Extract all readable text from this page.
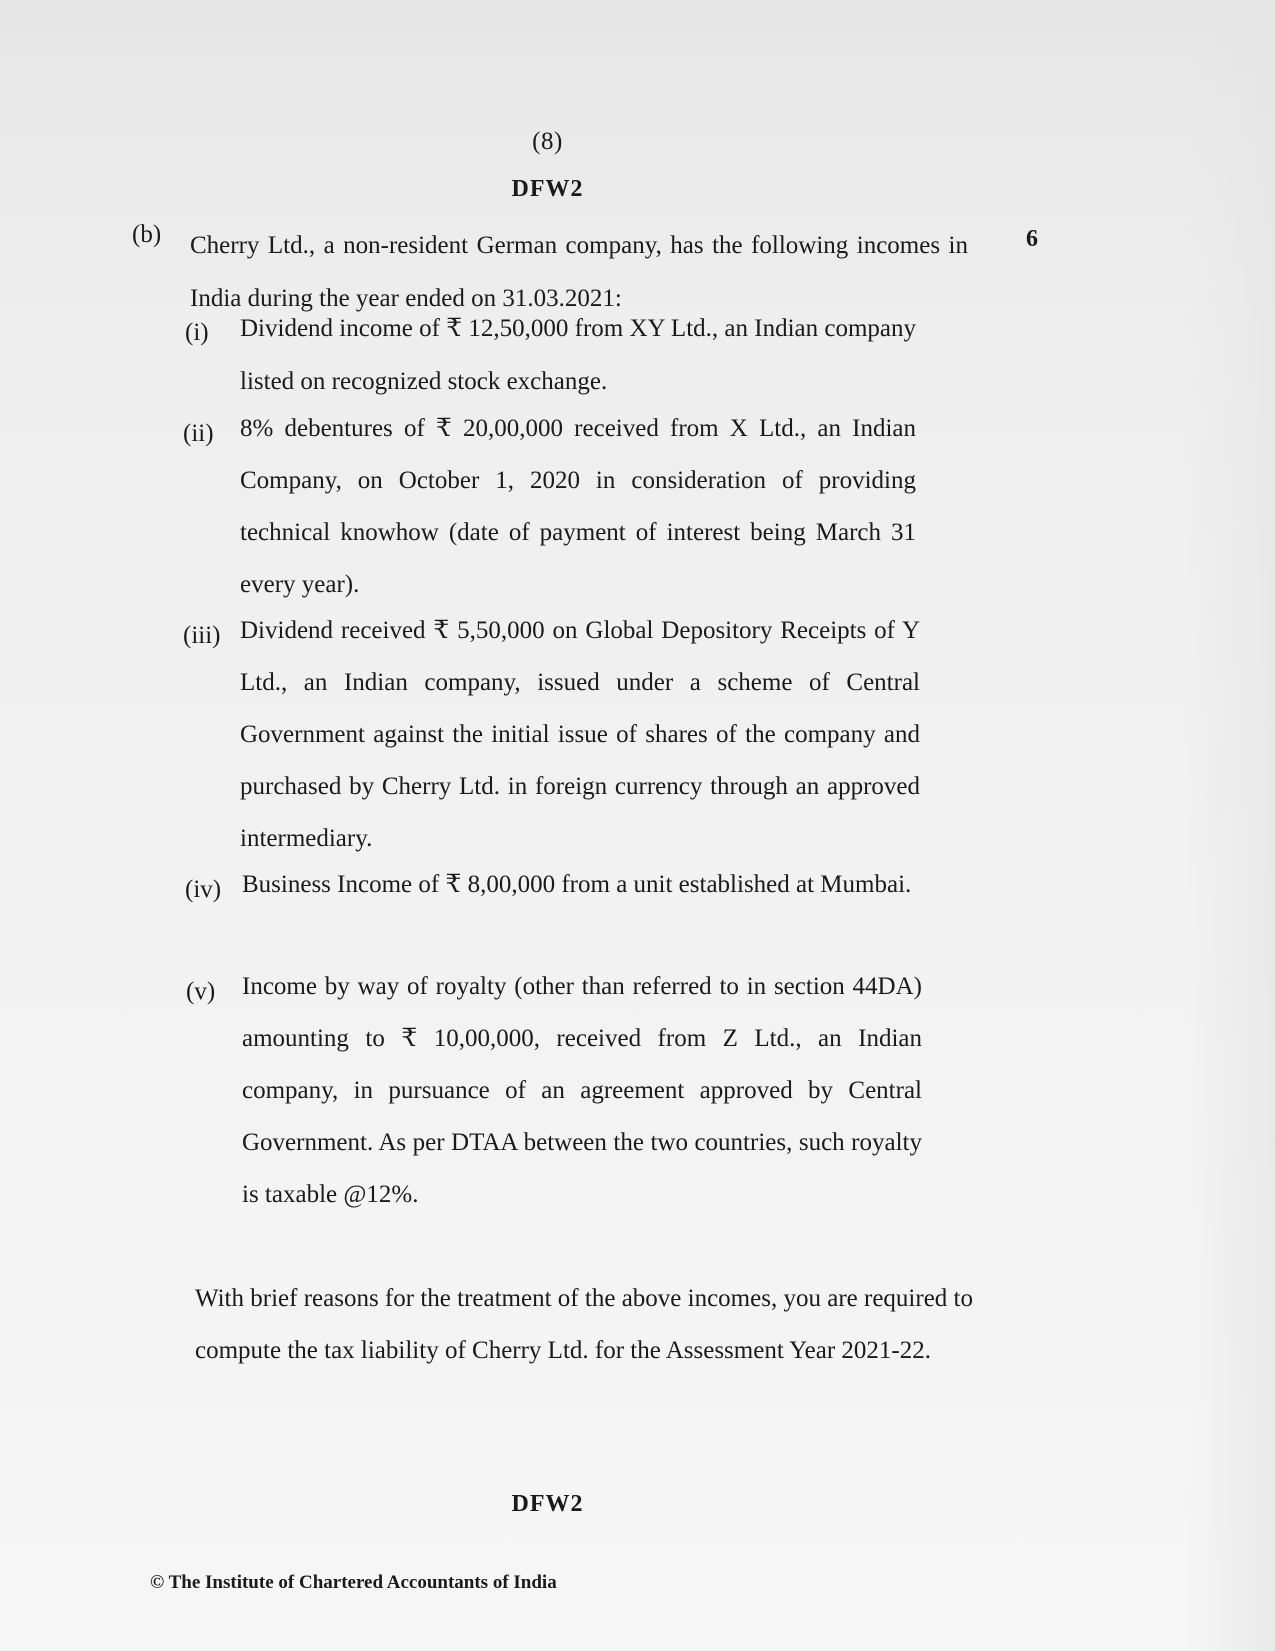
(8)
DFW2
(b)	6
Cherry Ltd., a non-resident German company, has the following incomes in India during the year ended on 31.03.2021:
(i) Dividend income of ₹ 12,50,000 from XY Ltd., an Indian company listed on recognized stock exchange.
(ii) 8% debentures of ₹ 20,00,000 received from X Ltd., an Indian Company, on October 1, 2020 in consideration of providing technical knowhow (date of payment of interest being March 31 every year).
(iii) Dividend received ₹ 5,50,000 on Global Depository Receipts of Y Ltd., an Indian company, issued under a scheme of Central Government against the initial issue of shares of the company and purchased by Cherry Ltd. in foreign currency through an approved intermediary.
(iv) Business Income of ₹ 8,00,000 from a unit established at Mumbai.
(v) Income by way of royalty (other than referred to in section 44DA) amounting to ₹ 10,00,000, received from Z Ltd., an Indian company, in pursuance of an agreement approved by Central Government. As per DTAA between the two countries, such royalty is taxable @12%.
With brief reasons for the treatment of the above incomes, you are required to compute the tax liability of Cherry Ltd. for the Assessment Year 2021-22.
DFW2
© The Institute of Chartered Accountants of India
